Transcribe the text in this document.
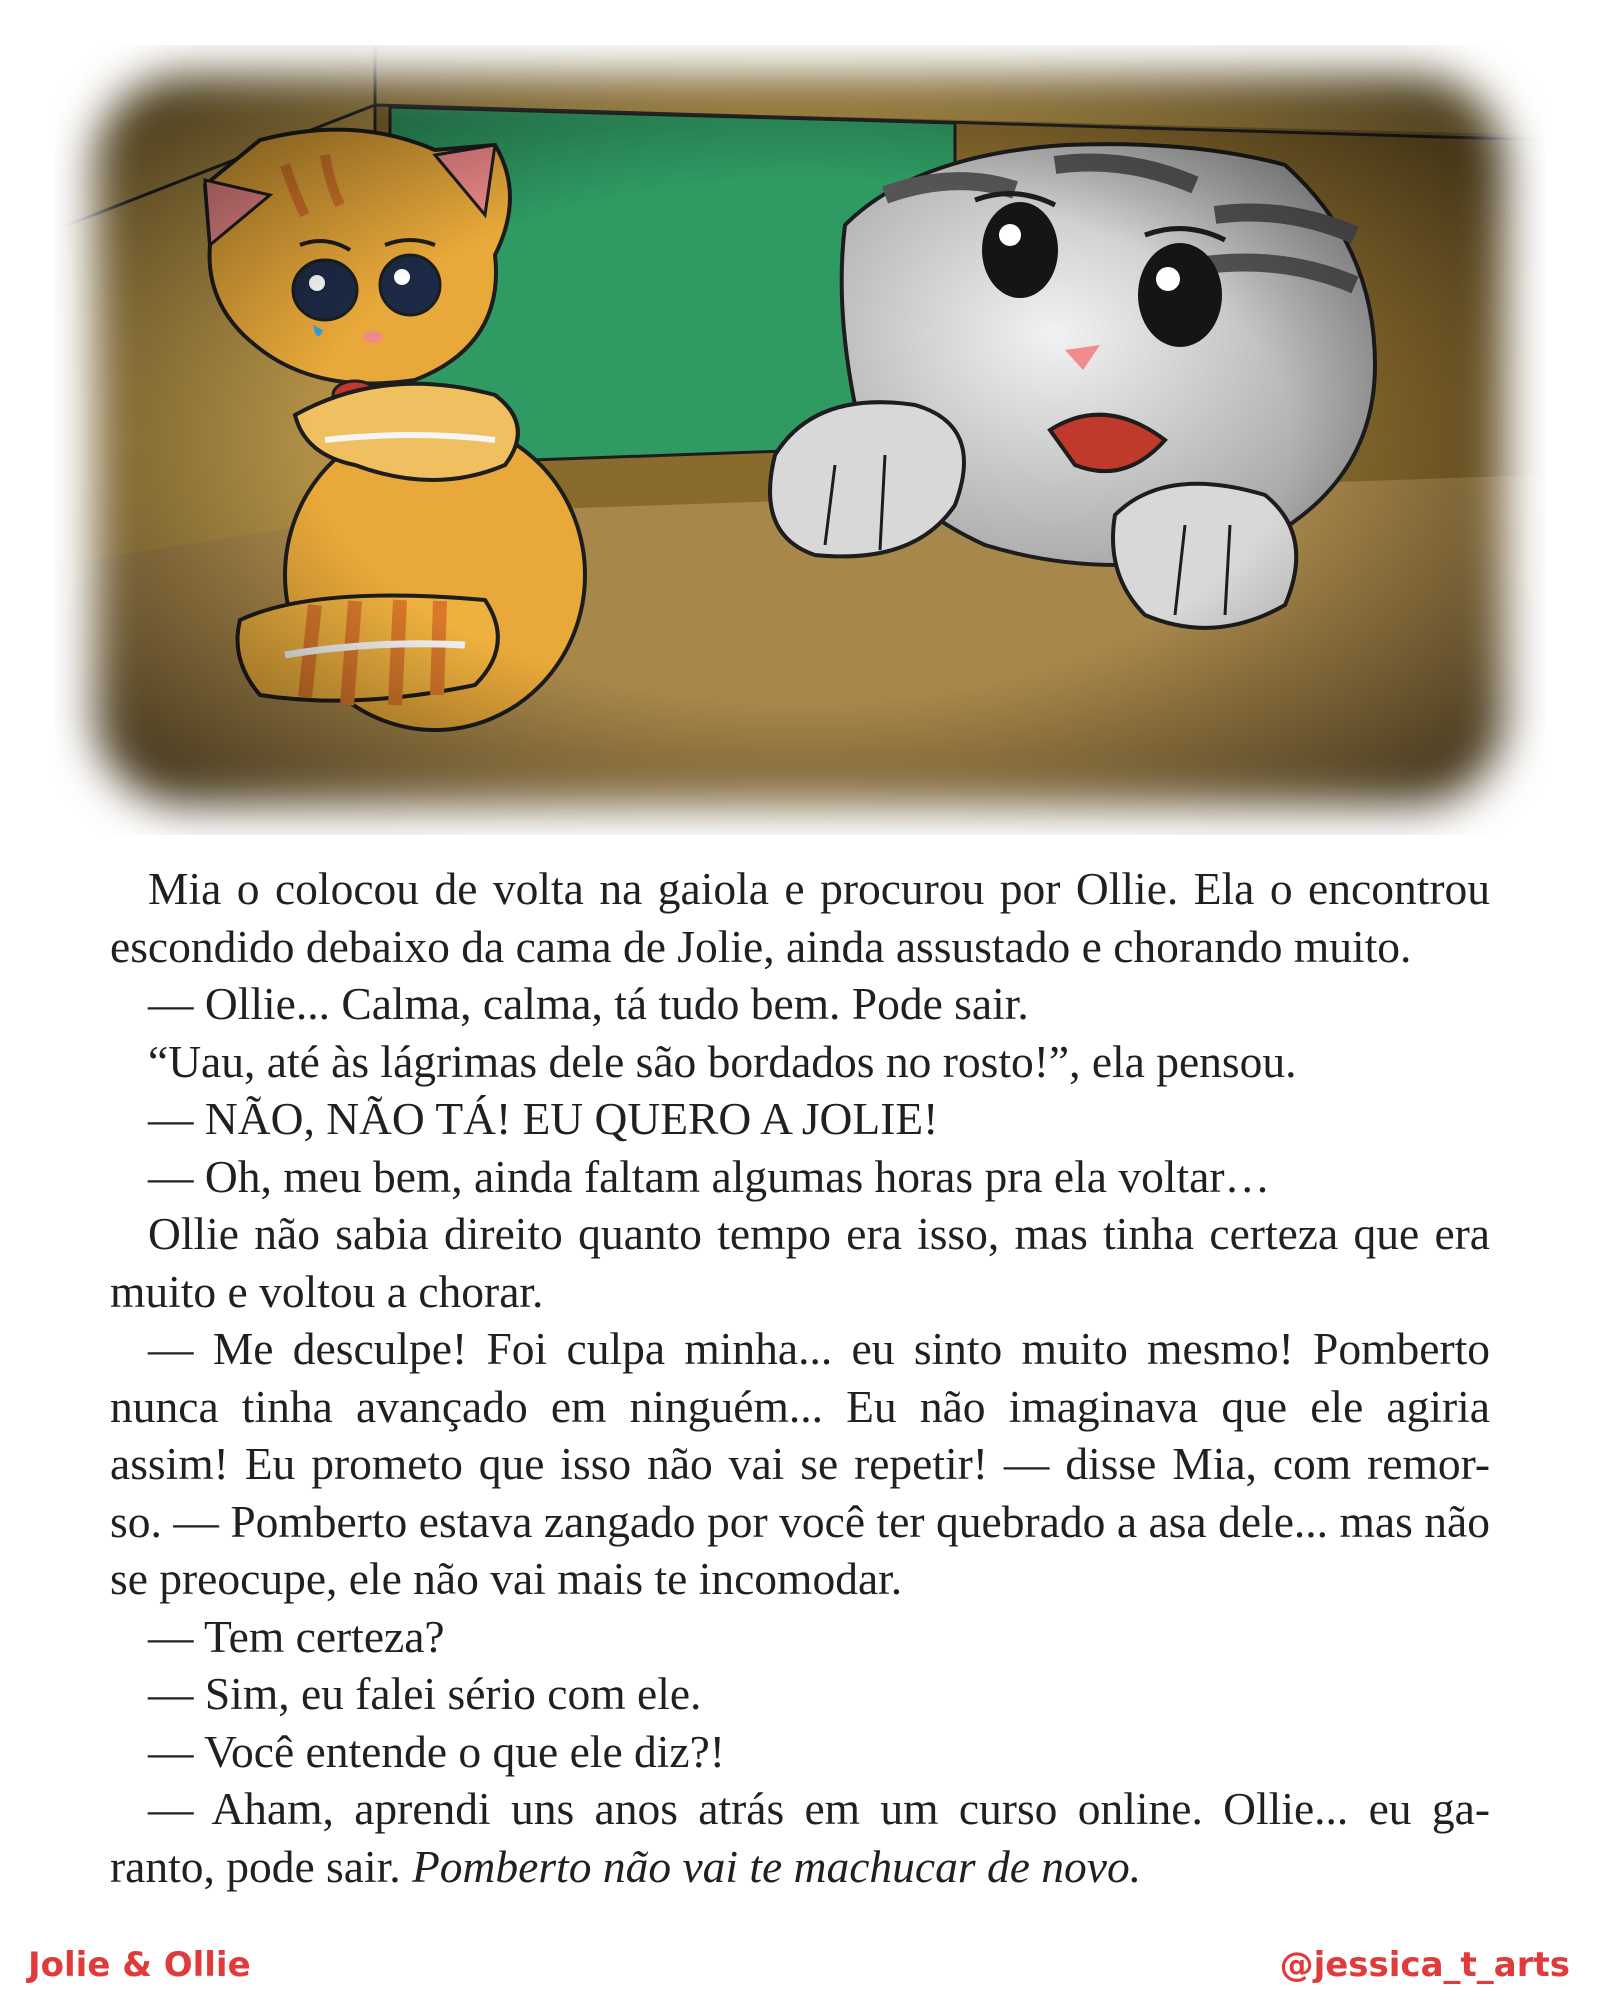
Mia o colocou de volta na gaiola e procurou por Ollie. Ela o encontrou escondido debaixo da cama de Jolie, ainda assustado e chorando muito.

— Ollie... Calma, calma, tá tudo bem. Pode sair.

“Uau, até às lágrimas dele são bordados no rosto!”, ela pensou.

— NÃO, NÃO TÁ! EU QUERO A JOLIE!

— Oh, meu bem, ainda faltam algumas horas pra ela voltar…

Ollie não sabia direito quanto tempo era isso, mas tinha certeza que era muito e voltou a chorar.

— Me desculpe! Foi culpa minha... eu sinto muito mesmo! Pomberto nunca tinha avançado em ninguém... Eu não imaginava que ele agiria assim! Eu prometo que isso não vai se repetir! — disse Mia, com remor-

so. — Pomberto estava zangado por você ter quebrado a asa dele... mas não se preocupe, ele não vai mais te incomodar.

— Tem certeza?

— Sim, eu falei sério com ele.

— Você entende o que ele diz?!

— Aham, aprendi uns anos atrás em um curso online. Ollie... eu ga-

ranto, pode sair. Pomberto não vai te machucar de novo.

Jolie & Ollie	@jessica_t_arts
